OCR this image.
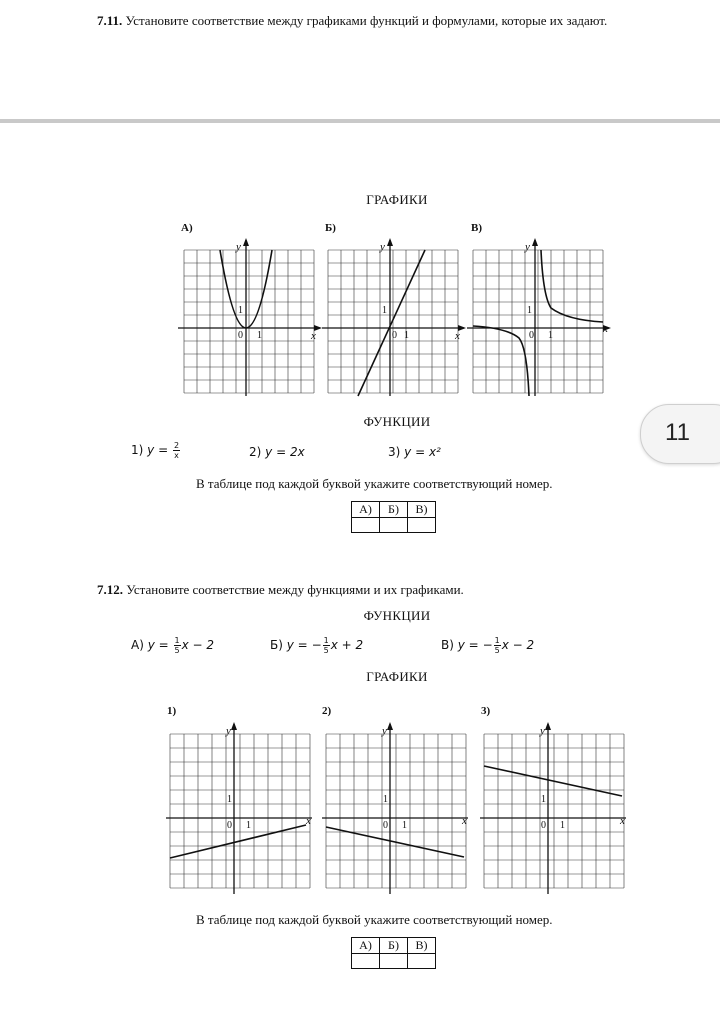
7.11. Установите соответствие между графиками функций и формулами, которые их задают.
ГРАФИКИ
А)	Б)	В)
y
x
0 1
1
y
x
0 1
1
y
x
0 1
1
ФУНКЦИИ
1) $y = \frac{2}{x}$	2) y = 2x	3) y = x²
В таблице под каждой буквой укажите соответствующий номер.
А)	Б)	В)

11
7.12. Установите соответствие между функциями и их графиками.
ФУНКЦИИ
А) $y = \frac{1}{5}$ x − 2	Б) y = − $\frac{1}{5}$ x + 2	В) y = − $\frac{1}{5}$ x − 2
ГРАФИКИ
1)	2)	3)
y
x
0 1
1
y
x
0 1
1
y
x
0 1
1
В таблице под каждой буквой укажите соответствующий номер.
А)	Б)	В)
